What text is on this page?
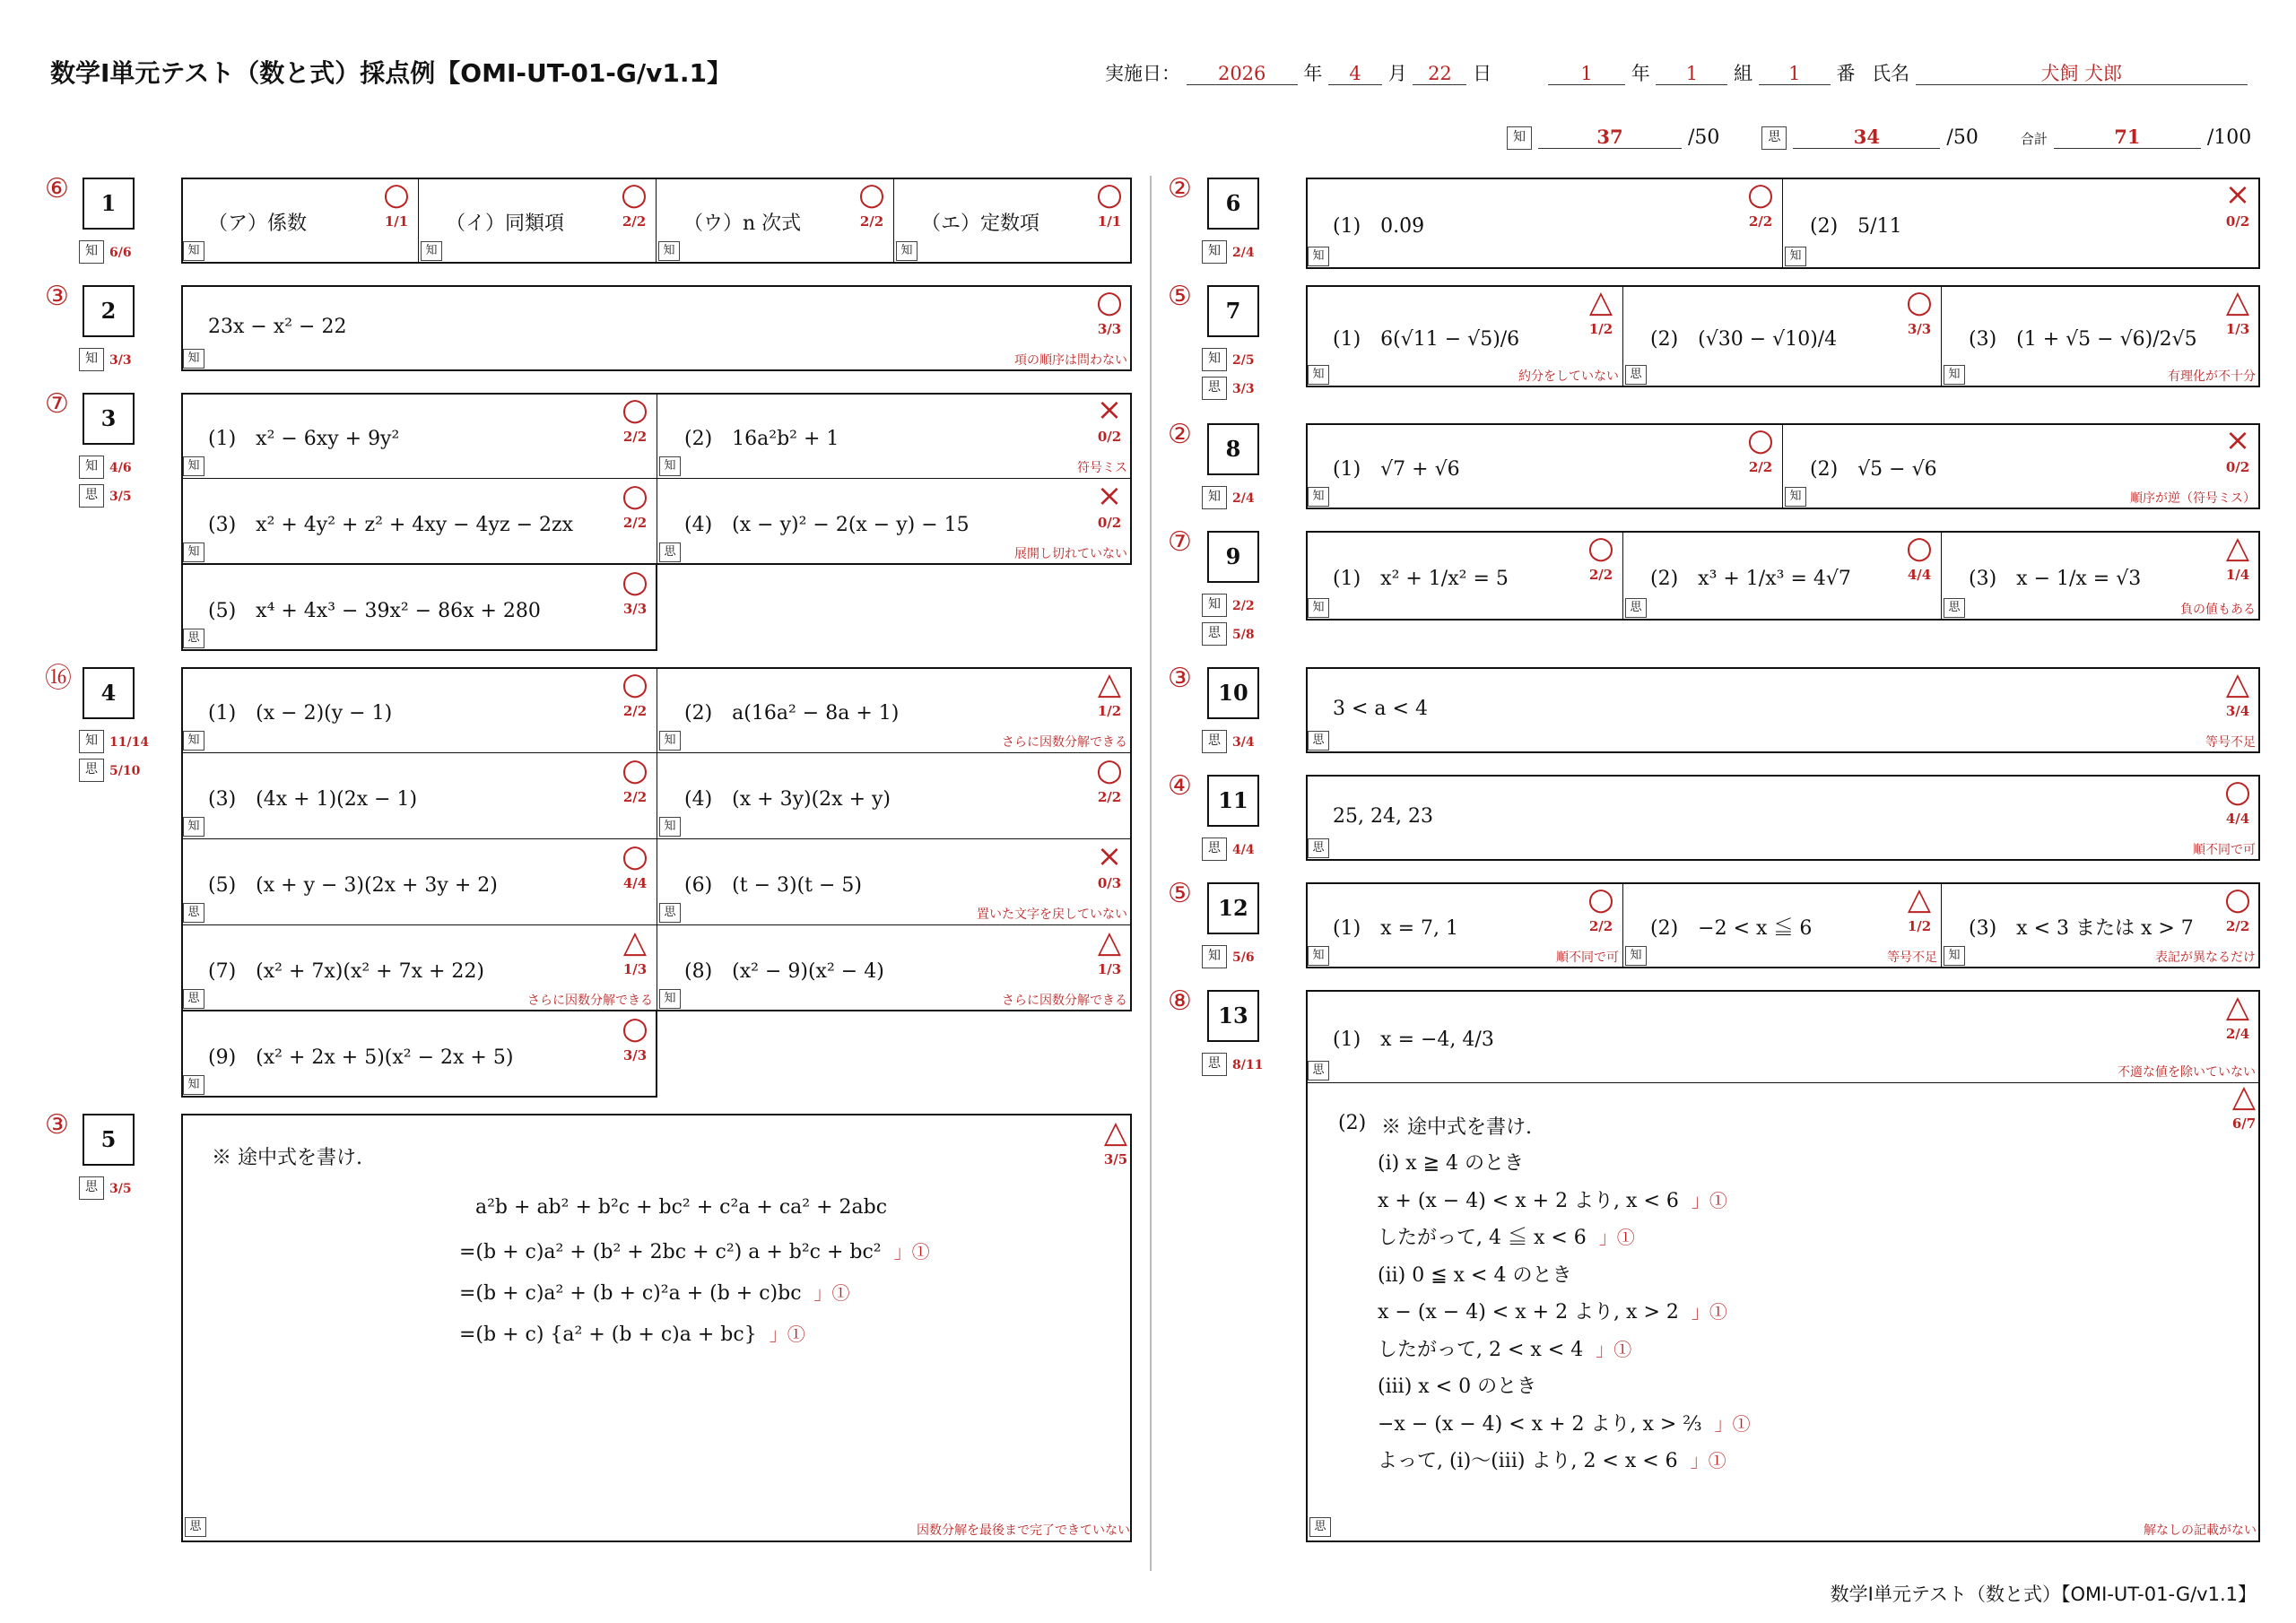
数学Ⅰ単元テスト（数と式）採点例【OMI-UT-01-G/v1.1】	実施日： 2026 年 4 月 22 日	1 年 1 組 1 番 氏名	犬飼 犬郎
知	37	/50	思	34	/50	合計	71	/100
⑥	1
知 6/6
③	2
知 3/3
⑦	3
知 4/6
思 3/5
⑯	4
知 11/14
思 5/10
③	5
思 3/5
②	6
知 2/4
⑤	7
知 2/5
思 3/3
②	8
知 2/4
⑦	9
知 2/2
思 5/8
③	10
思 3/4
④	11
思 4/4
⑤	12
知 5/6
⑧	13
思 8/11
（ア）係数
○
1/1
知
（イ）同類項
○
2/2
知
（ウ）n 次式
○
2/2
知
（エ）定数項
○
1/1
知
23x − x² − 22
○
3/3
知	項の順序は問わない
(1)　x² − 6xy + 9y²
○
2/2
知
(2)　16a²b² + 1
×
0/2
知	符号ミス
(3)　x² + 4y² + z² + 4xy − 4yz − 2zx
○
2/2
知
(4)　(x − y)² − 2(x − y) − 15
×
0/2
思	展開し切れていない
(5)　x⁴ + 4x³ − 39x² − 86x + 280
○
3/3
思
(1)　(x − 2)(y − 1)
○
2/2
知
(2)　a(16a² − 8a + 1)
△
1/2
知	さらに因数分解できる
(3)　(4x + 1)(2x − 1)
○
2/2
知
(4)　(x + 3y)(2x + y)
○
2/2
知
(5)　(x + y − 3)(2x + 3y + 2)
○
4/4
思
(6)　(t − 3)(t − 5)
×
0/3
思	置いた文字を戻していない
(7)　(x² + 7x)(x² + 7x + 22)
△
1/3
思	さらに因数分解できる
(8)　(x² − 9)(x² − 4)
△
1/3
知	さらに因数分解できる
(9)　(x² + 2x + 5)(x² − 2x + 5)
○
3/3
知
(1)　0.0̇9̇
○
2/2
知
(2)　5/11
×
0/2
知
(1)　6(√11 − √5)/6
△
1/2
知	約分をしていない
(2)　(√30 − √10)/4
○
3/3
思
(3)　(1 + √5 − √6)/2√5
△
1/3
知	有理化が不十分
(1)　√7 + √6
○
2/2
知
(2)　√5 − √6
×
0/2
知	順序が逆（符号ミス）
(1)　x² + 1/x² = 5
○
2/2
知
(2)　x³ + 1/x³ = 4√7
○
4/4
思
(3)　x − 1/x = √3
△
1/4
思	負の値もある
3 < a < 4
△
3/4
思	等号不足
25, 24, 23
○
4/4
思	順不同で可
(1)　x = 7, 1
○
2/2
知	順不同で可
(2)　−2 < x ≦ 6
△
1/2
知	等号不足
(3)　x < 3 または x > 7
○
2/2
知	表記が異なるだけ
(1)　x = −4, 4/3
△
2/4
思	不適な値を除いていない
※ 途中式を書け.
△
3/5
思	因数分解を最後まで完了できていない
a²b + ab² + b²c + bc² + c²a + ca² + 2abc
=(b + c)a² + (b² + 2bc + c²) a + b²c + bc² 」①
=(b + c)a² + (b + c)²a + (b + c)bc 」①
=(b + c) {a² + (b + c)a + bc} 」①
(2) ※ 途中式を書け.
△
6/7
思	解なしの記載がない
(i) x ≧ 4 のとき
x + (x − 4) < x + 2 より, x < 6 」①
したがって, 4 ≦ x < 6 」①
(ii) 0 ≦ x < 4 のとき
x − (x − 4) < x + 2 より, x > 2 」①
したがって, 2 < x < 4 」①
(iii) x < 0 のとき
−x − (x − 4) < x + 2 より, x > ⅔ 」①
よって, (i)〜(iii) より, 2 < x < 6 」①
数学Ⅰ単元テスト（数と式）【OMI-UT-01-G/v1.1】
